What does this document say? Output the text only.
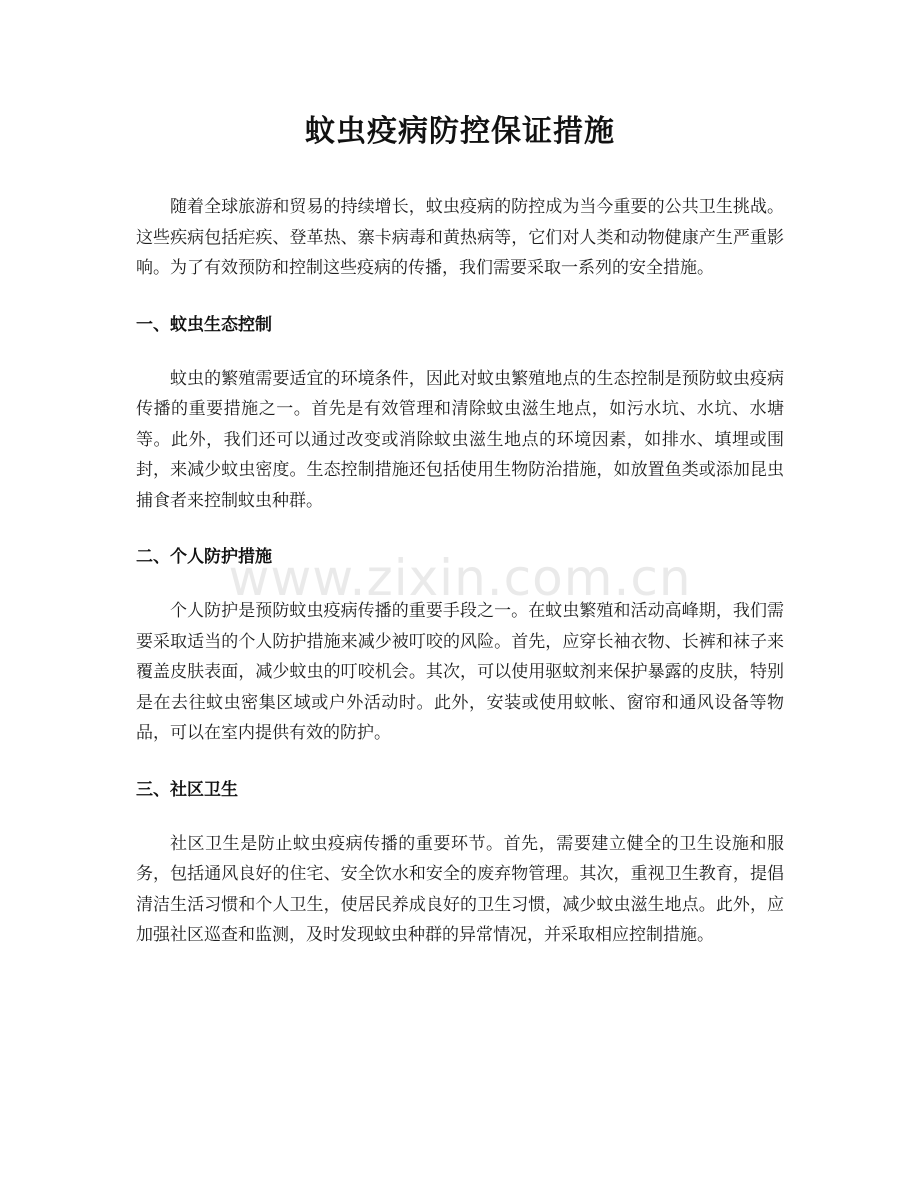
蚊虫疫病防控保证措施

随着全球旅游和贸易的持续增长，蚊虫疫病的防控成为当今重要的公共卫生挑战。这些疾病包括疟疾、登革热、寨卡病毒和黄热病等，它们对人类和动物健康产生严重影响。为了有效预防和控制这些疫病的传播，我们需要采取一系列的安全措施。

一、蚊虫生态控制

蚊虫的繁殖需要适宜的环境条件，因此对蚊虫繁殖地点的生态控制是预防蚊虫疫病传播的重要措施之一。首先是有效管理和清除蚊虫滋生地点，如污水坑、水坑、水塘等。此外，我们还可以通过改变或消除蚊虫滋生地点的环境因素，如排水、填埋或围封，来减少蚊虫密度。生态控制措施还包括使用生物防治措施，如放置鱼类或添加昆虫捕食者来控制蚊虫种群。

二、个人防护措施

个人防护是预防蚊虫疫病传播的重要手段之一。在蚊虫繁殖和活动高峰期，我们需要采取适当的个人防护措施来减少被叮咬的风险。首先，应穿长袖衣物、长裤和袜子来覆盖皮肤表面，减少蚊虫的叮咬机会。其次，可以使用驱蚊剂来保护暴露的皮肤，特别是在去往蚊虫密集区域或户外活动时。此外，安装或使用蚊帐、窗帘和通风设备等物品，可以在室内提供有效的防护。

三、社区卫生

社区卫生是防止蚊虫疫病传播的重要环节。首先，需要建立健全的卫生设施和服务，包括通风良好的住宅、安全饮水和安全的废弃物管理。其次，重视卫生教育，提倡清洁生活习惯和个人卫生，使居民养成良好的卫生习惯，减少蚊虫滋生地点。此外，应加强社区巡查和监测，及时发现蚊虫种群的异常情况，并采取相应控制措施。

www.zixin.com.cn
